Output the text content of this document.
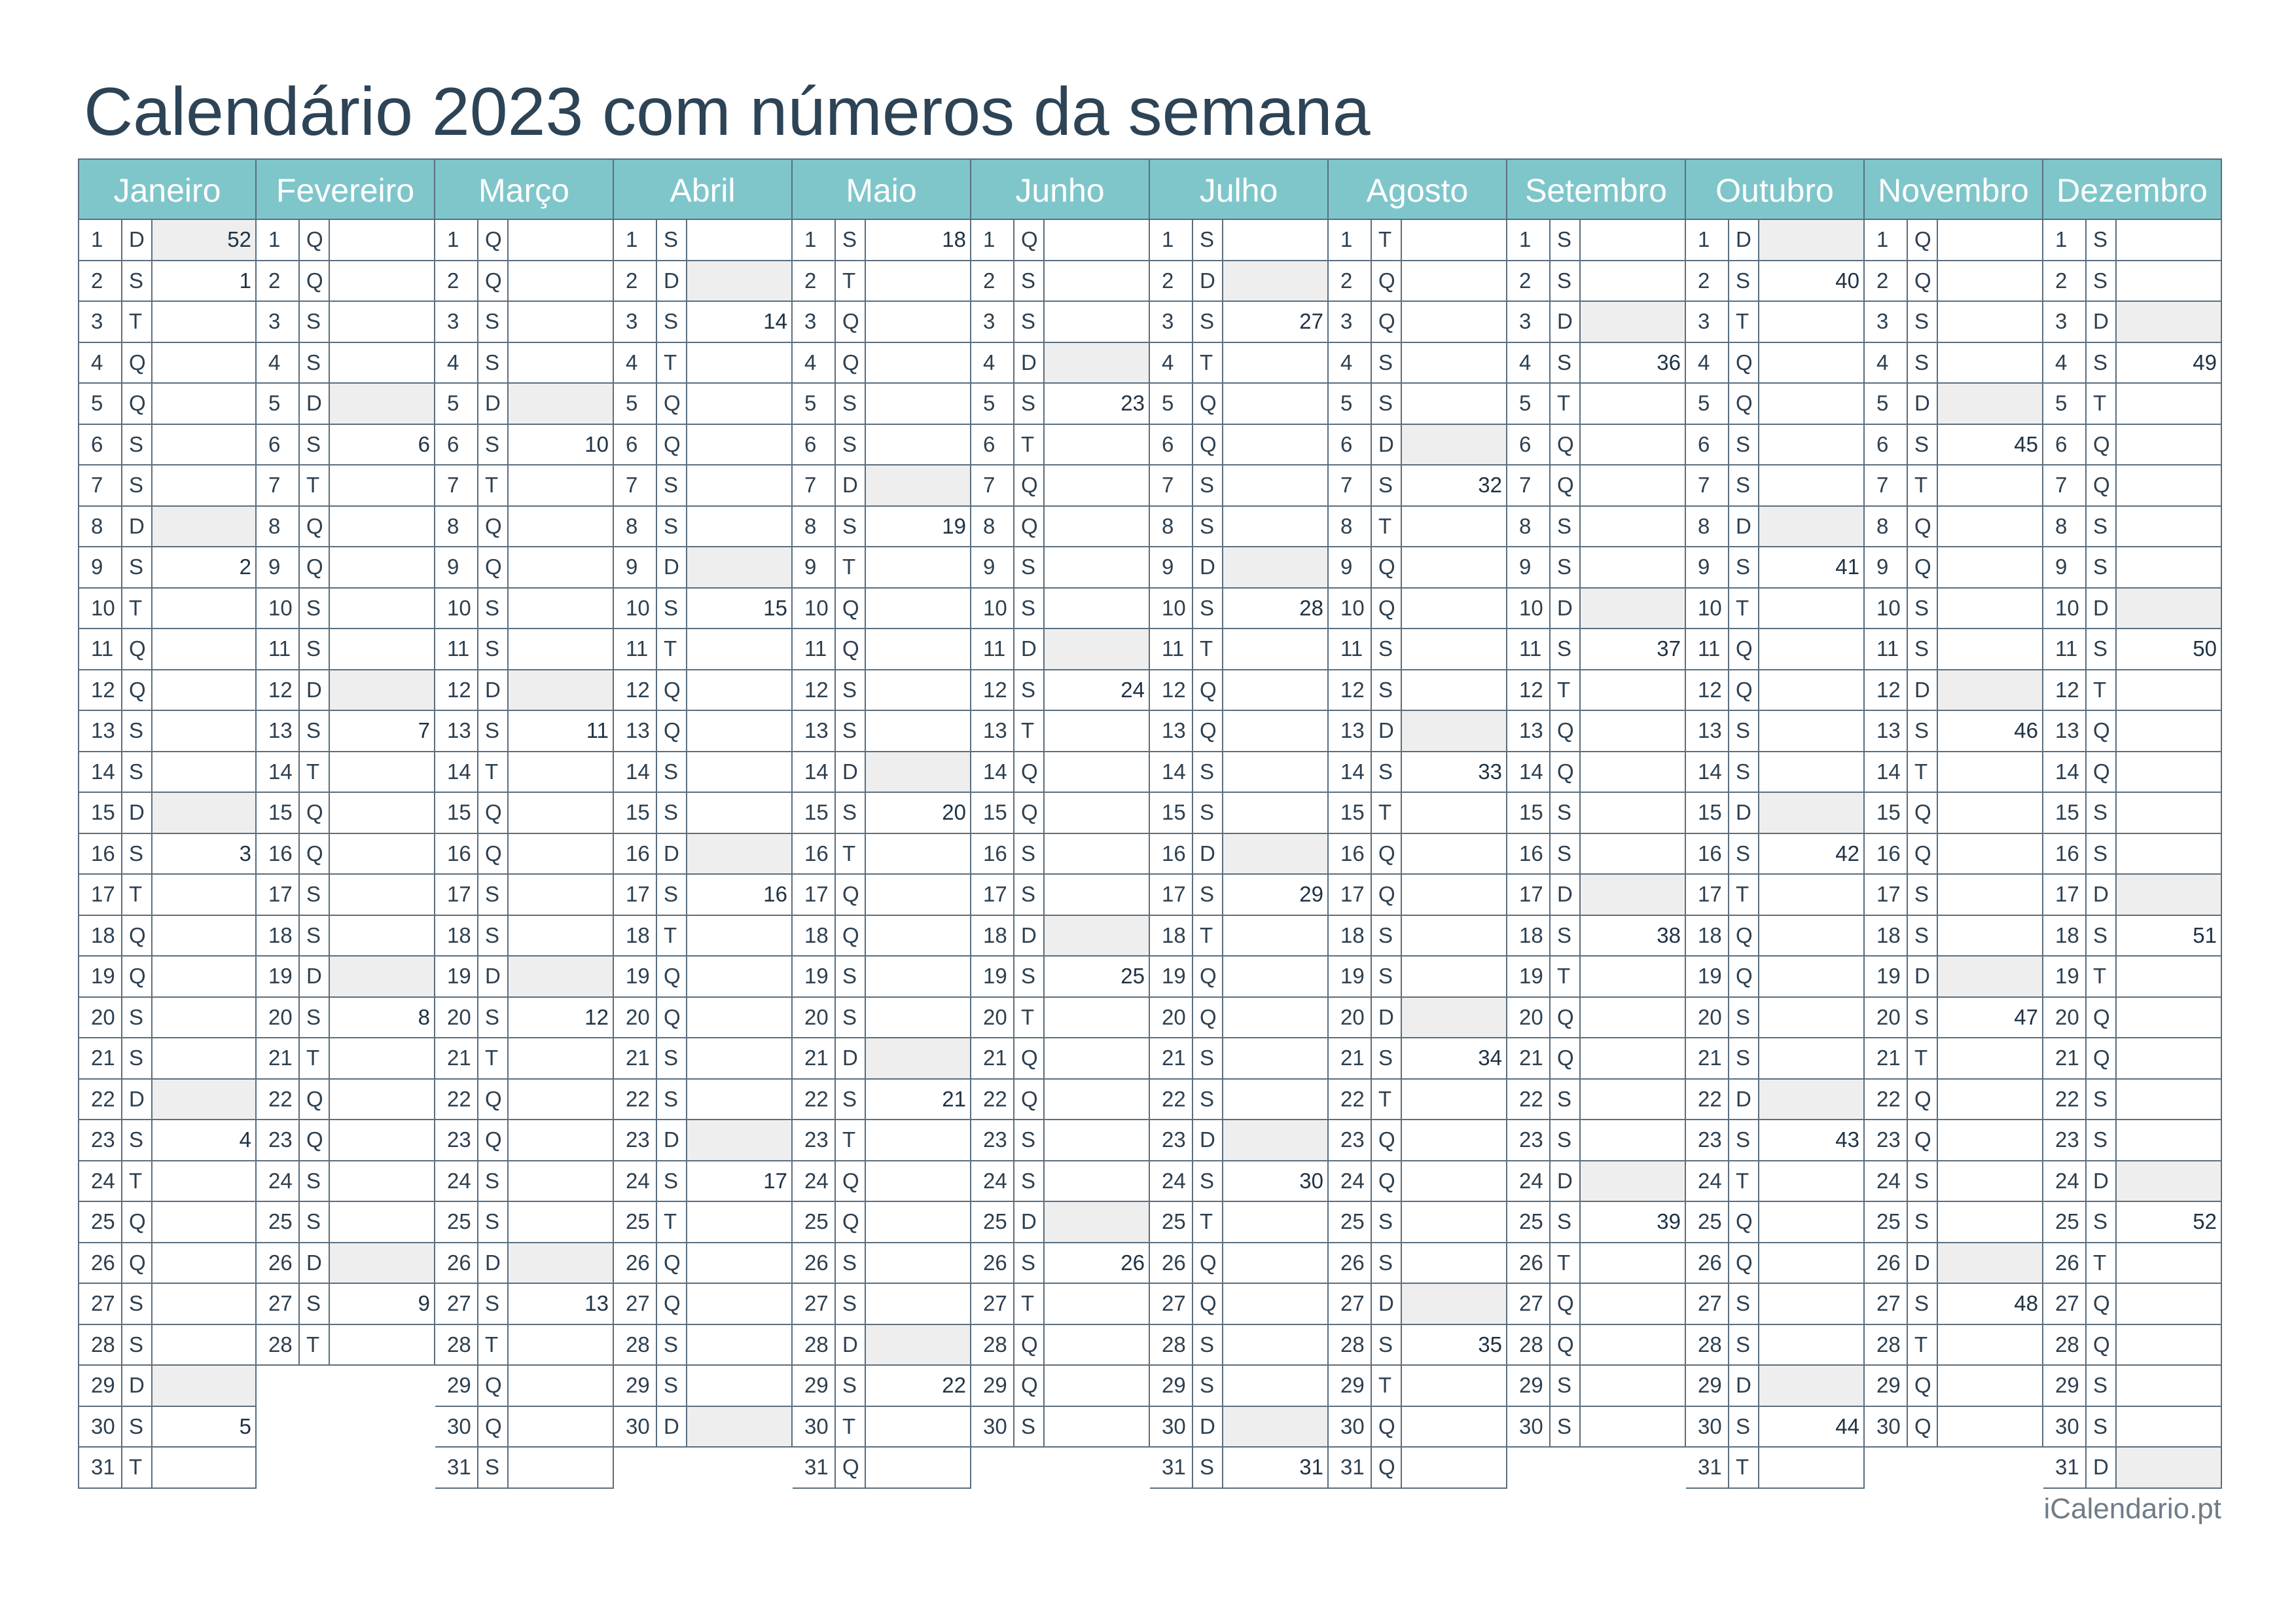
Calendário 2023 com números da semana
Janeiro
1	D	52
2	S	1
3	T
4	Q
5	Q
6	S
7	S
8	D
9	S	2
10 T
11 Q
12 Q
13 S
14 S
15 D
16 S	3
17 T
18 Q
19 Q
20 S
21 S
22 D
23 S	4
24 T
25 Q
26 Q
27 S
28 S
29 D
30 S	5
31 T
Fevereiro
1	Q
2	Q
3	S
4	S
5	D
6	S	6
7	T
8	Q
9	Q
10 S
11 S
12 D
13 S	7
14 T
15 Q
16 Q
17 S
18 S
19 D
20 S	8
21 T
22 Q
23 Q
24 S
25 S
26 D
27 S	9
28 T
Março
1	Q
2	Q
3	S
4	S
5	D
6	S	10
7	T
8	Q
9	Q
10 S
11 S
12 D
13 S	11
14 T
15 Q
16 Q
17 S
18 S
19 D
20 S	12
21 T
22 Q
23 Q
24 S
25 S
26 D
27 S	13
28 T
29 Q
30 Q
31 S
Abril
1	S
2	D
3	S	14
4	T
5	Q
6	Q
7	S
8	S
9	D
10 S	15
11 T
12 Q
13 Q
14 S
15 S
16 D
17 S	16
18 T
19 Q
20 Q
21 S
22 S
23 D
24 S	17
25 T
26 Q
27 Q
28 S
29 S
30 D
Maio
1	S	18
2	T
3	Q
4	Q
5	S
6	S
7	D
8	S	19
9	T
10 Q
11 Q
12 S
13 S
14 D
15 S	20
16 T
17 Q
18 Q
19 S
20 S
21 D
22 S	21
23 T
24 Q
25 Q
26 S
27 S
28 D
29 S	22
30 T
31 Q
Junho
1	Q
2	S
3	S
4	D
5	S	23
6	T
7	Q
8	Q
9	S
10 S
11 D
12 S	24
13 T
14 Q
15 Q
16 S
17 S
18 D
19 S	25
20 T
21 Q
22 Q
23 S
24 S
25 D
26 S	26
27 T
28 Q
29 Q
30 S
Julho
1	S
2	D
3	S	27
4	T
5	Q
6	Q
7	S
8	S
9	D
10 S	28
11 T
12 Q
13 Q
14 S
15 S
16 D
17 S	29
18 T
19 Q
20 Q
21 S
22 S
23 D
24 S	30
25 T
26 Q
27 Q
28 S
29 S
30 D
31 S	31
Agosto
1	T
2	Q
3	Q
4	S
5	S
6	D
7	S	32
8	T
9	Q
10 Q
11 S
12 S
13 D
14 S	33
15 T
16 Q
17 Q
18 S
19 S
20 D
21 S	34
22 T
23 Q
24 Q
25 S
26 S
27 D
28 S	35
29 T
30 Q
31 Q
Setembro
1	S
2	S
3	D
4	S	36
5	T
6	Q
7	Q
8	S
9	S
10 D
11 S	37
12 T
13 Q
14 Q
15 S
16 S
17 D
18 S	38
19 T
20 Q
21 Q
22 S
23 S
24 D
25 S	39
26 T
27 Q
28 Q
29 S
30 S
Outubro
1	D
2	S	40
3	T
4	Q
5	Q
6	S
7	S
8	D
9	S	41
10 T
11 Q
12 Q
13 S
14 S
15 D
16 S	42
17 T
18 Q
19 Q
20 S
21 S
22 D
23 S	43
24 T
25 Q
26 Q
27 S
28 S
29 D
30 S	44
31 T
Novembro
1	Q
2	Q
3	S
4	S
5	D
6	S	45
7	T
8	Q
9	Q
10 S
11 S
12 D
13 S	46
14 T
15 Q
16 Q
17 S
18 S
19 D
20 S	47
21 T
22 Q
23 Q
24 S
25 S
26 D
27 S	48
28 T
29 Q
30 Q
Dezembro
1	S
2	S
3	D
4	S	49
5	T
6	Q
7	Q
8	S
9	S
10 D
11 S	50
12 T
13 Q
14 Q
15 S
16 S
17 D
18 S	51
19 T
20 Q
21 Q
22 S
23 S
24 D
25 S	52
26 T
27 Q
28 Q
29 S
30 S
31 D
iCalendario.pt
